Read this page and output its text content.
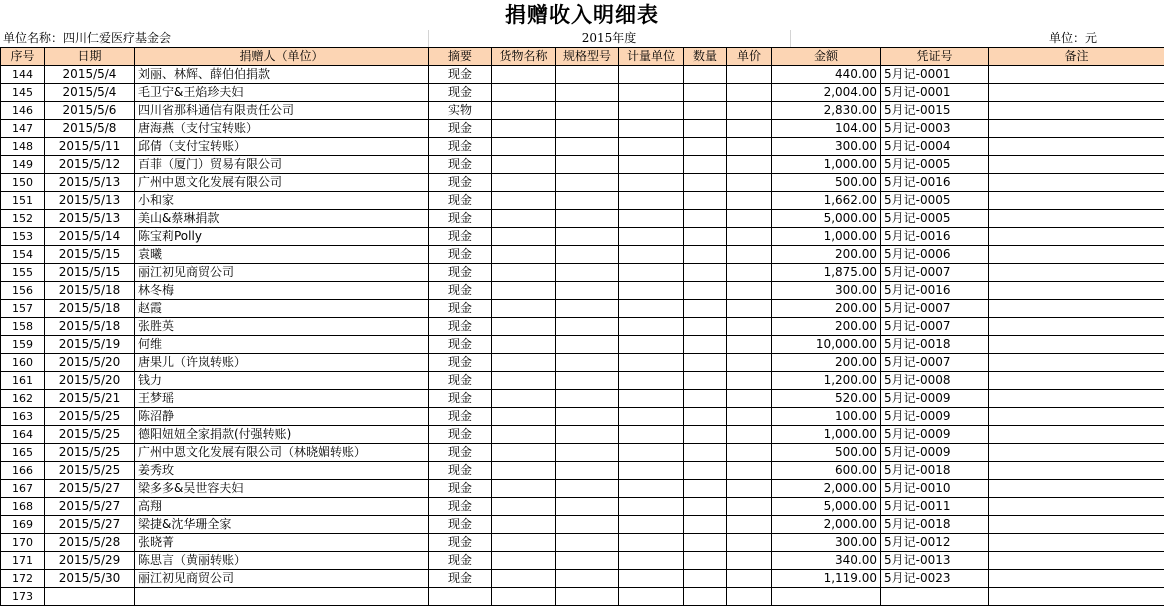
捐赠收入明细表
单位名称：四川仁爱医疗基金会	2015年度	单位：元
序号	日期	捐赠人（单位）	摘要	货物名称	规格型号	计量单位	数量	单价	金额	凭证号	备注
144	2015/5/4	刘丽、林辉、薛伯伯捐款	现金						440.00	5月记-0001	
145	2015/5/4	毛卫宁&王焰珍夫妇	现金						2,004.00	5月记-0001	
146	2015/5/6	四川省那科通信有限责任公司	实物						2,830.00	5月记-0015	
147	2015/5/8	唐海燕（支付宝转账）	现金						104.00	5月记-0003	
148	2015/5/11	邱倩（支付宝转账）	现金						300.00	5月记-0004	
149	2015/5/12	百菲（厦门）贸易有限公司	现金						1,000.00	5月记-0005	
150	2015/5/13	广州中恩文化发展有限公司	现金						500.00	5月记-0016	
151	2015/5/13	小和家	现金						1,662.00	5月记-0005	
152	2015/5/13	美山&蔡琳捐款	现金						5,000.00	5月记-0005	
153	2015/5/14	陈宝莉Polly	现金						1,000.00	5月记-0016	
154	2015/5/15	袁曦	现金						200.00	5月记-0006	
155	2015/5/15	丽江初见商贸公司	现金						1,875.00	5月记-0007	
156	2015/5/18	林冬梅	现金						300.00	5月记-0016	
157	2015/5/18	赵霞	现金						200.00	5月记-0007	
158	2015/5/18	张胜英	现金						200.00	5月记-0007	
159	2015/5/19	何维	现金						10,000.00	5月记-0018	
160	2015/5/20	唐果儿（许岚转账）	现金						200.00	5月记-0007	
161	2015/5/20	钱力	现金						1,200.00	5月记-0008	
162	2015/5/21	王梦瑶	现金						520.00	5月记-0009	
163	2015/5/25	陈沼静	现金						100.00	5月记-0009	
164	2015/5/25	德阳妞妞全家捐款(付强转账)	现金						1,000.00	5月记-0009	
165	2015/5/25	广州中恩文化发展有限公司（林晓媚转账）	现金						500.00	5月记-0009	
166	2015/5/25	姜秀玫	现金						600.00	5月记-0018	
167	2015/5/27	梁多多&吴世容夫妇	现金						2,000.00	5月记-0010	
168	2015/5/27	高翔	现金						5,000.00	5月记-0011	
169	2015/5/27	梁捷&沈华珊全家	现金						2,000.00	5月记-0018	
170	2015/5/28	张晓菁	现金						300.00	5月记-0012	
171	2015/5/29	陈思言（黄丽转账）	现金						340.00	5月记-0013	
172	2015/5/30	丽江初见商贸公司	现金						1,119.00	5月记-0023	
173											
